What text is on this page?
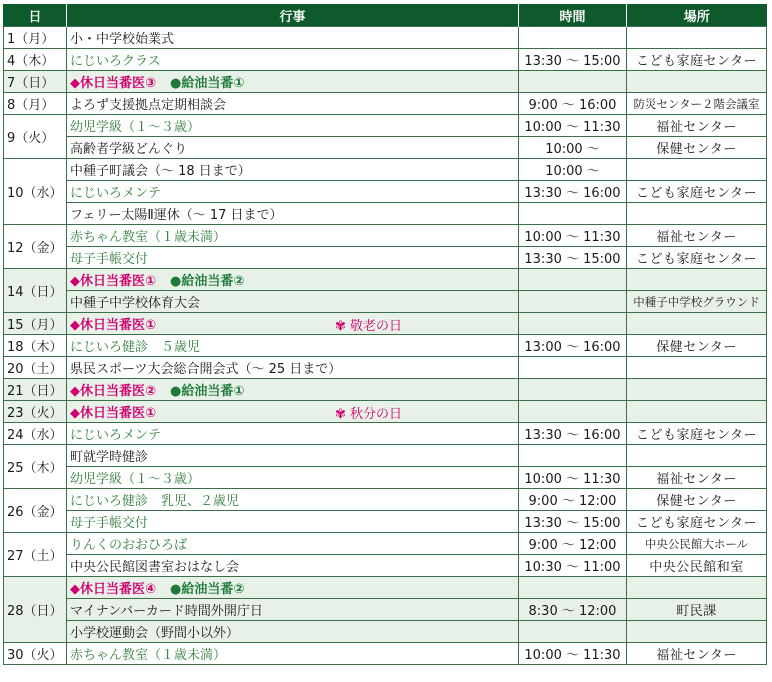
日	行事	時間	場所
1（月）	小・中学校始業式		
4（木）	にじいろクラス	13:30 ～ 15:00	こども家庭センター
7（日）	◆休日当番医③ ●給油当番①		
8（月）	よろず支援拠点定期相談会	9:00 ～ 16:00	防災センター２階会議室
9（火）	幼児学級（１～３歳）	10:00 ～ 11:30	福祉センター
	高齢者学級どんぐり	10:00 ～	保健センター
10（水）	中種子町議会（～ 18 日まで）	10:00 ～	
	にじいろメンテ	13:30 ～ 16:00	こども家庭センター
	フェリー太陽Ⅱ運休（～ 17 日まで）		
12（金）	赤ちゃん教室（１歳未満）	10:00 ～ 11:30	福祉センター
	母子手帳交付	13:30 ～ 15:00	こども家庭センター
14（日）	◆休日当番医① ●給油当番②		
	中種子中学校体育大会		中種子中学校グラウンド
15（月）	◆休日当番医① ✾ 敬老の日		

18（木）	にじいろ健診　５歳児	13:00 ～ 16:00	保健センター
20（土）	県民スポーツ大会総合開会式（～ 25 日まで）		
21（日）	◆休日当番医② ●給油当番①		
23（火）	◆休日当番医① ✾ 秋分の日		

24（水）	にじいろメンテ	13:30 ～ 16:00	こども家庭センター
25（木）	町就学時健診		
	幼児学級（１～３歳）	10:00 ～ 11:30	福祉センター
26（金）	にじいろ健診　乳児、２歳児	9:00 ～ 12:00	保健センター
	母子手帳交付	13:30 ～ 15:00	こども家庭センター
27（土）	りんくのおおひろば	9:00 ～ 12:00	中央公民館大ホール
	中央公民館図書室おはなし会	10:30 ～ 11:00	中央公民館和室
28（日）	◆休日当番医④ ●給油当番②		
	マイナンバーカード時間外開庁日	8:30 ～ 12:00	町民課
	小学校運動会（野間小以外）		
30（火）	赤ちゃん教室（１歳未満）	10:00 ～ 11:30	福祉センター
